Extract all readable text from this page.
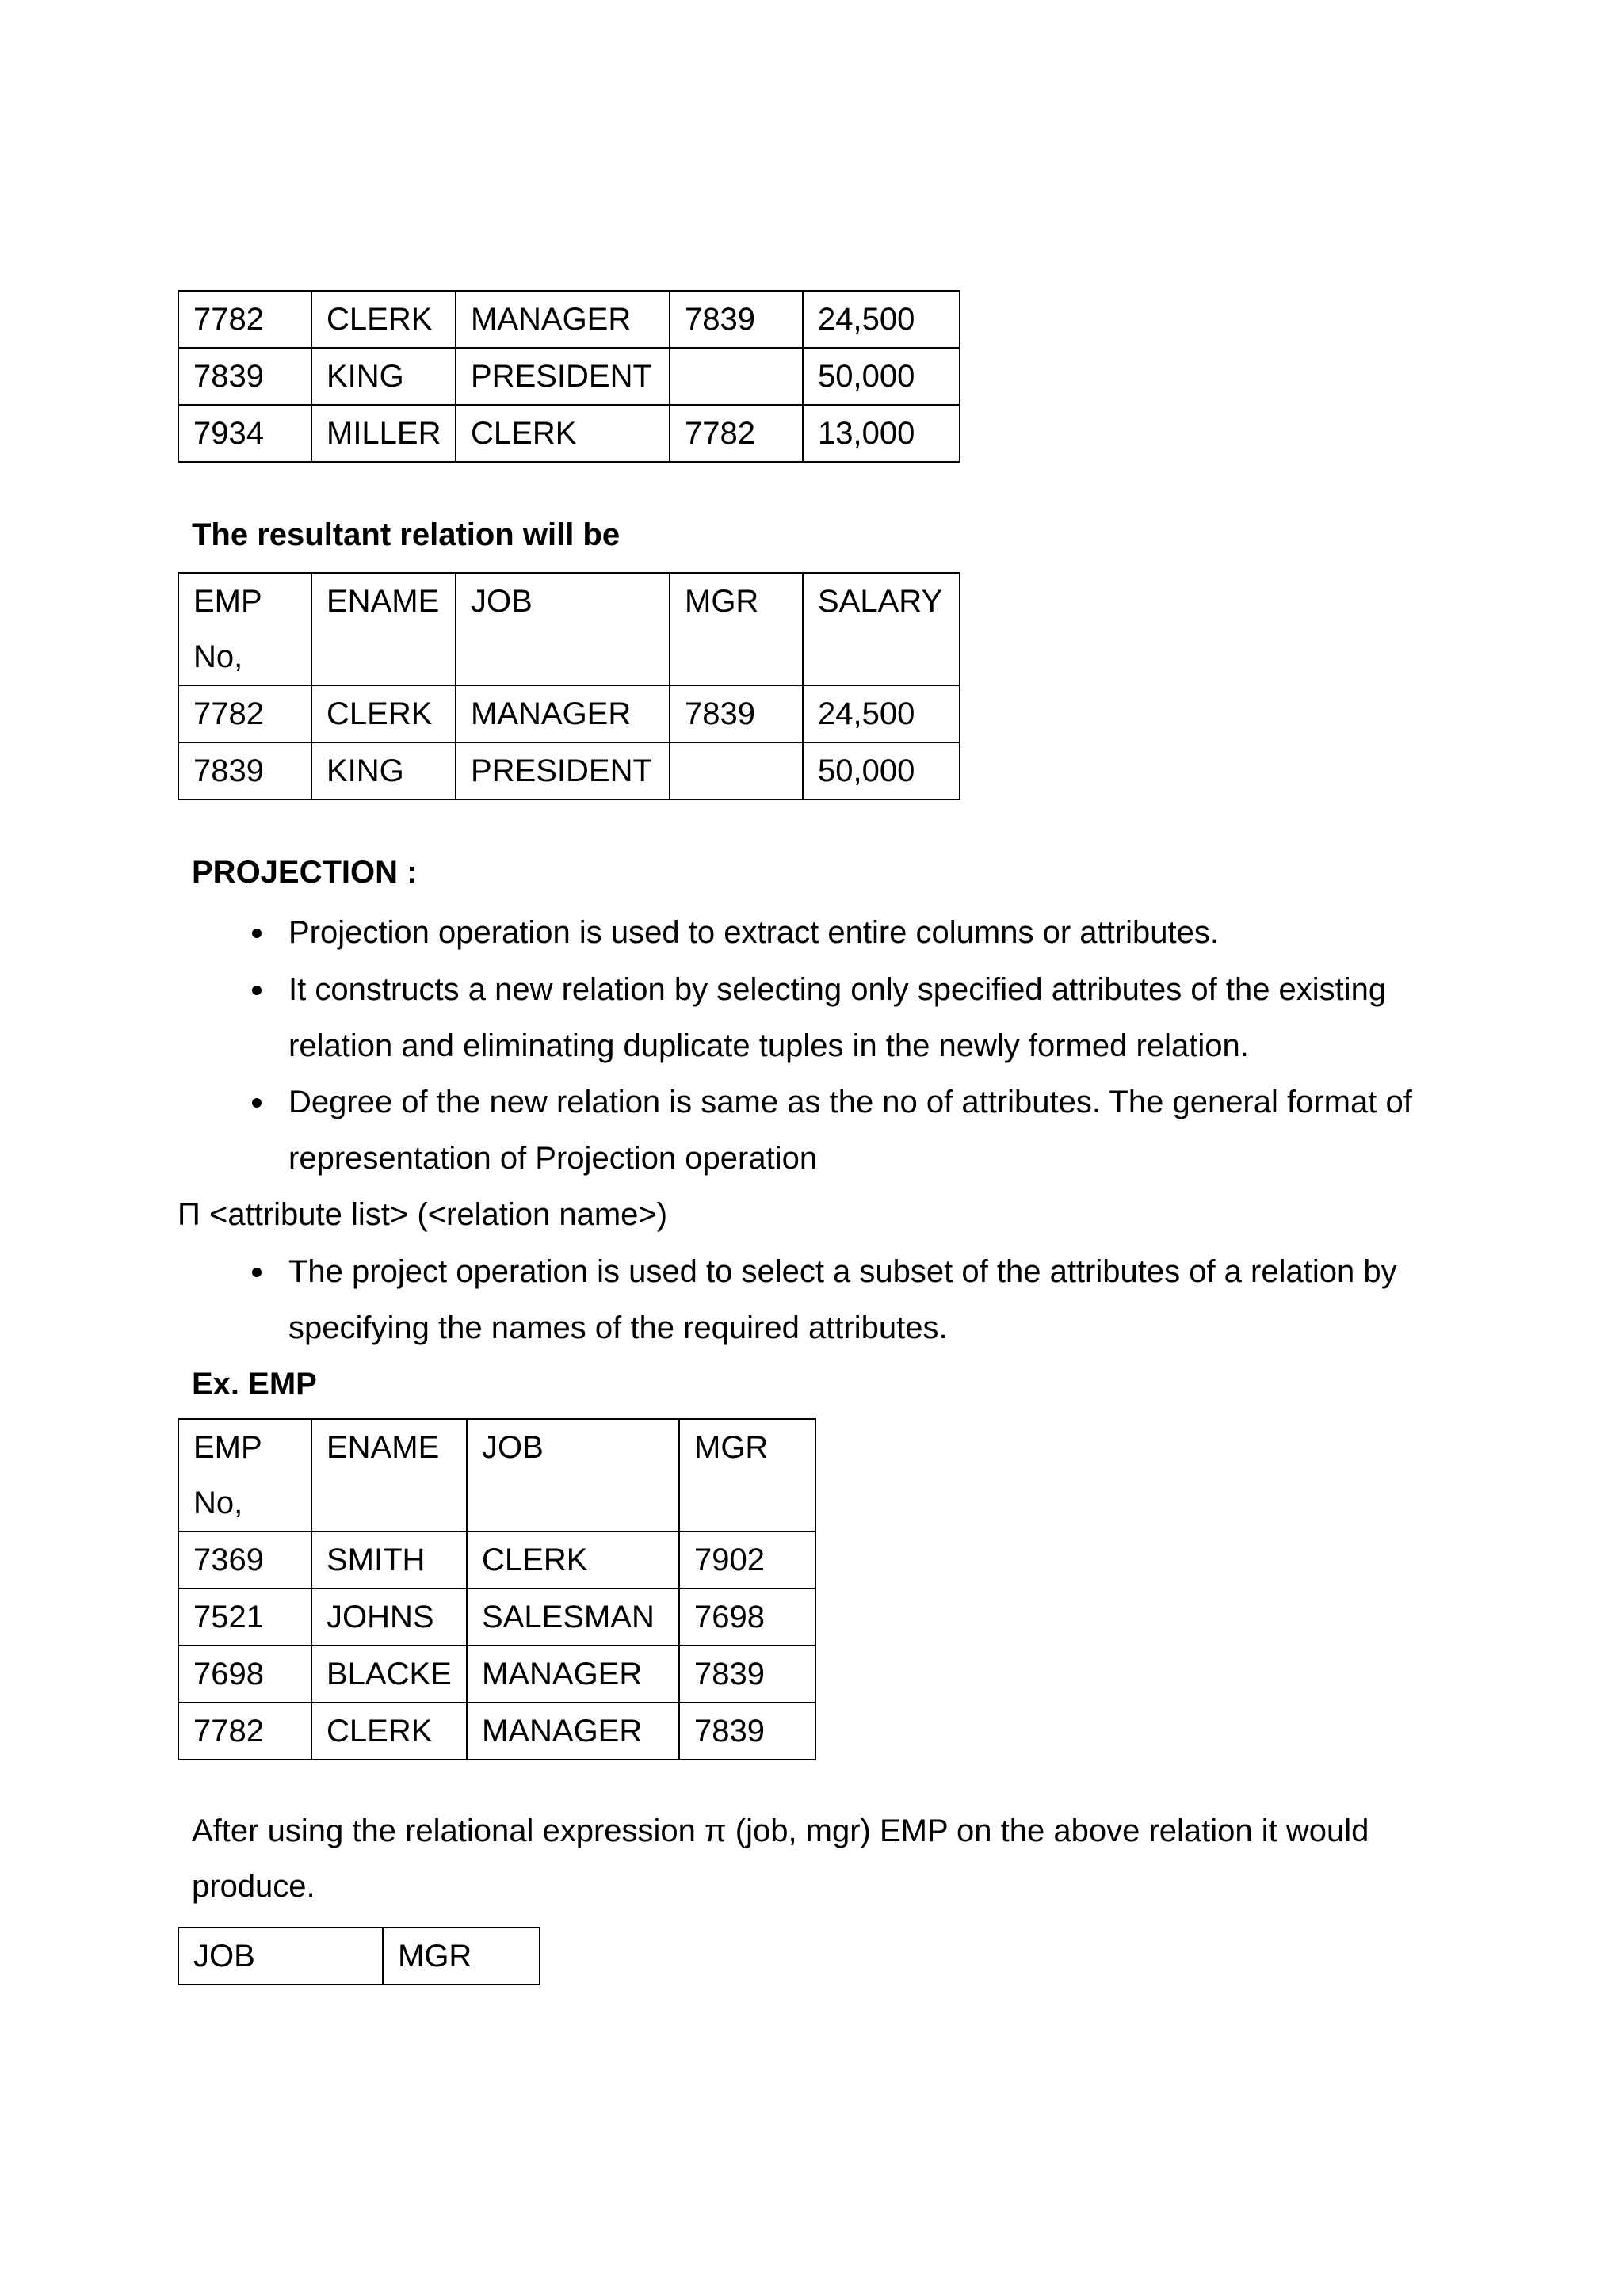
7782	CLERK	MANAGER	7839	24,500
7839	KING	PRESIDENT		50,000
7934	MILLER	CLERK	7782	13,000
The resultant relation will be
EMP
No,	ENAME	JOB	MGR	SALARY
7782	CLERK	MANAGER	7839	24,500
7839	KING	PRESIDENT		50,000
PROJECTION :
Projection operation is used to extract entire columns or attributes.
It constructs a new relation by selecting only specified attributes of the existing
relation and eliminating duplicate tuples in the newly formed relation.
Degree of the new relation is same as the no of attributes. The general format of
representation of Projection operation
Π <attribute list> (<relation name>)
The project operation is used to select a subset of the attributes of a relation by
specifying the names of the required attributes.
Ex. EMP
EMP
No,	ENAME	JOB	MGR
7369	SMITH	CLERK	7902
7521	JOHNS	SALESMAN	7698
7698	BLACKE	MANAGER	7839
7782	CLERK	MANAGER	7839
After using the relational expression π (job, mgr) EMP on the above relation it would
produce.
JOB	MGR
